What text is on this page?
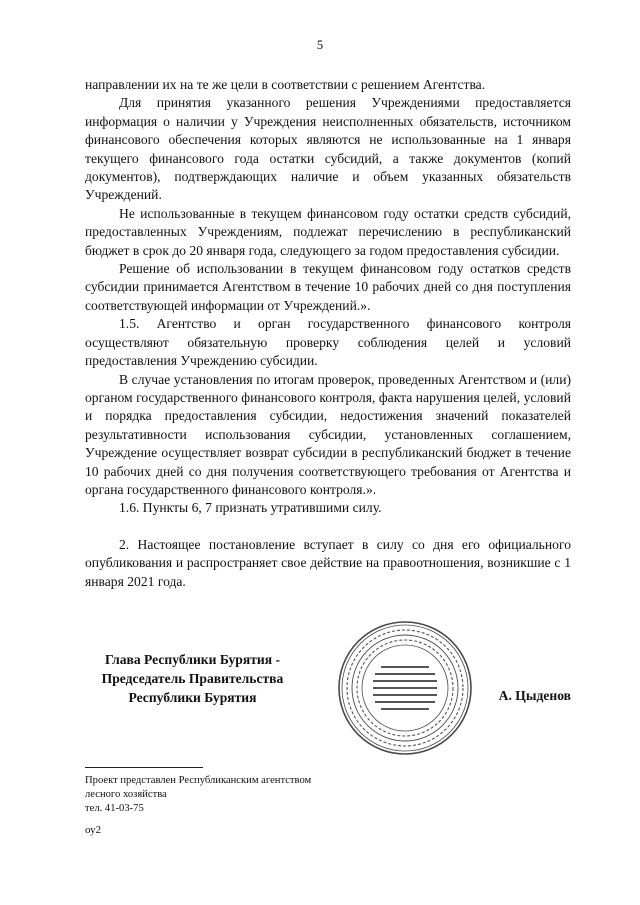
5

направлении их на те же цели в соответствии с решением Агентства.

Для принятия указанного решения Учреждениями предоставляется информация о наличии у Учреждения неисполненных обязательств, источником финансового обеспечения которых являются не использованные на 1 января текущего финансового года остатки субсидий, а также документов (копий документов), подтверждающих наличие и объем указанных обязательств Учреждений.

Не использованные в текущем финансовом году остатки средств субсидий, предоставленных Учреждениям, подлежат перечислению в республиканский бюджет в срок до 20 января года, следующего за годом предоставления субсидии.

Решение об использовании в текущем финансовом году остатков средств субсидии принимается Агентством в течение 10 рабочих дней со дня поступления соответствующей информации от Учреждений.».

1.5. Агентство и орган государственного финансового контроля осуществляют обязательную проверку соблюдения целей и условий предоставления Учреждению субсидии.

В случае установления по итогам проверок, проведенных Агентством и (или) органом государственного финансового контроля, факта нарушения целей, условий и порядка предоставления субсидии, недостижения значений показателей результативности использования субсидии, установленных соглашением, Учреждение осуществляет возврат субсидии в республиканский бюджет в течение 10 рабочих дней со дня получения соответствующего требования от Агентства и органа государственного финансового контроля.».

1.6. Пункты 6, 7 признать утратившими силу.

2. Настоящее постановление вступает в силу со дня его официального опубликования и распространяет свое действие на правоотношения, возникшие с 1 января 2021 года.

Глава Республики Бурятия -
Председатель Правительства
Республики Бурятия	А. Цыденов
Проект представлен Республиканским агентством
лесного хозяйства
тел. 41-03-75
оу2
